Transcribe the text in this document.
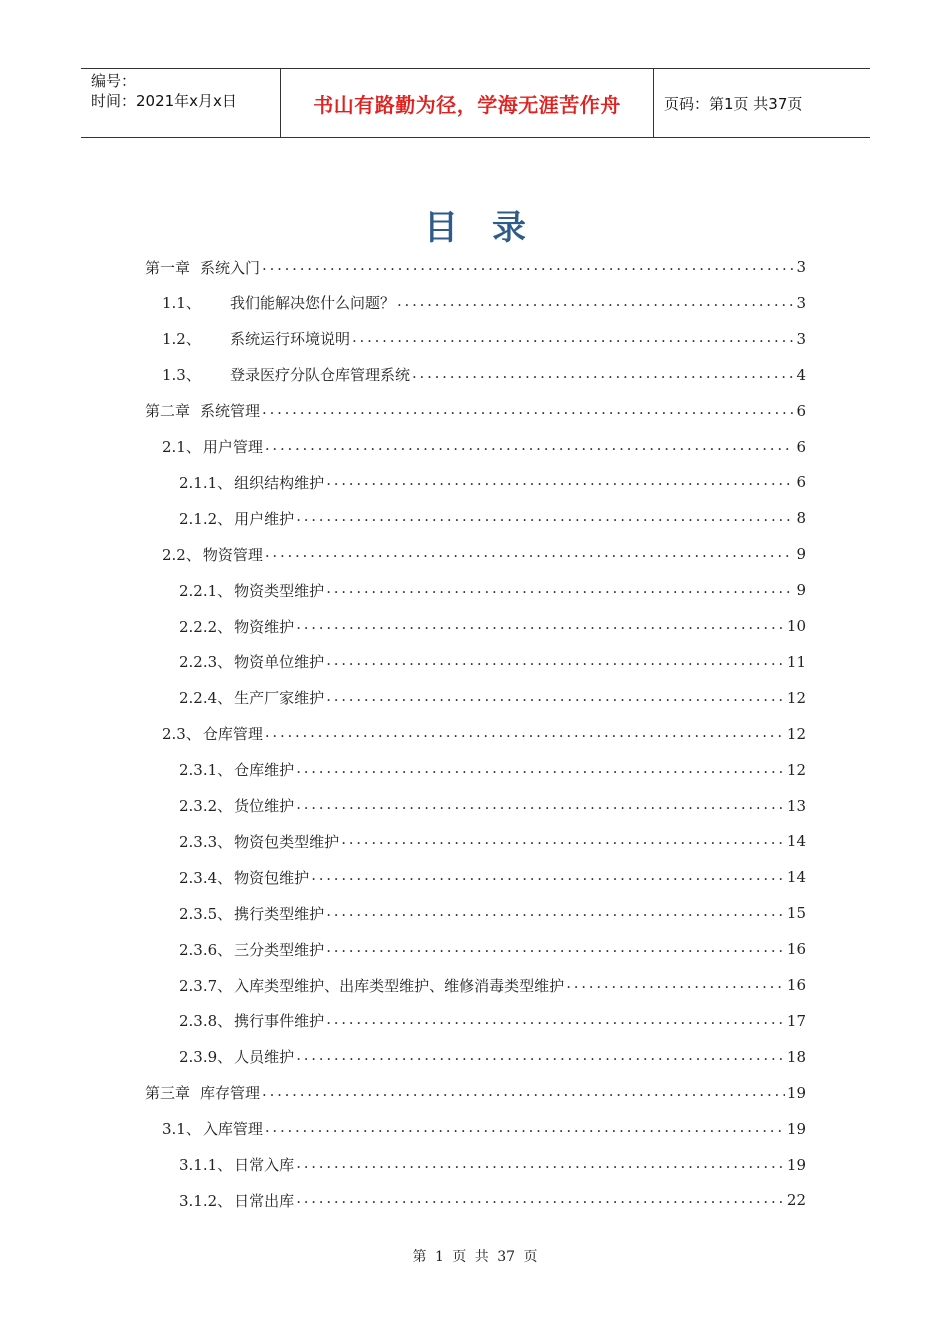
编号：
时间：2021年x月x日	书山有路勤为径，学海无涯苦作舟	页码：第1页 共37页
目录
第一章 系统入门 . . .	3
1.1、	我们能解决您什么问题？ . . .	3
1.2、	系统运行环境说明 . . .	3
1.3、	登录医疗分队仓库管理系统 . . .	4
第二章 系统管理 . . .	6
2.1、 用户管理 . . .	6
2.1.1、 组织结构维护 . . .	6
2.1.2、 用户维护 . . .	8
2.2、 物资管理 . . .	9
2.2.1、 物资类型维护 . . .	9
2.2.2、 物资维护 . . .	10
2.2.3、 物资单位维护 . . .	11
2.2.4、 生产厂家维护 . . .	12
2.3、 仓库管理 . . .	12
2.3.1、 仓库维护 . . .	12
2.3.2、 货位维护 . . .	13
2.3.3、 物资包类型维护 . . .	14
2.3.4、 物资包维护 . . .	14
2.3.5、 携行类型维护 . . .	15
2.3.6、 三分类型维护 . . .	16
2.3.7、 入库类型维护、出库类型维护、维修消毒类型维护 . . .	16
2.3.8、 携行事件维护 . . .	17
2.3.9、 人员维护 . . .	18
第三章 库存管理 . . .	19
3.1、 入库管理 . . .	19
3.1.1、 日常入库 . . .	19
3.1.2、 日常出库 . . .	22
第 1 页 共 37 页
